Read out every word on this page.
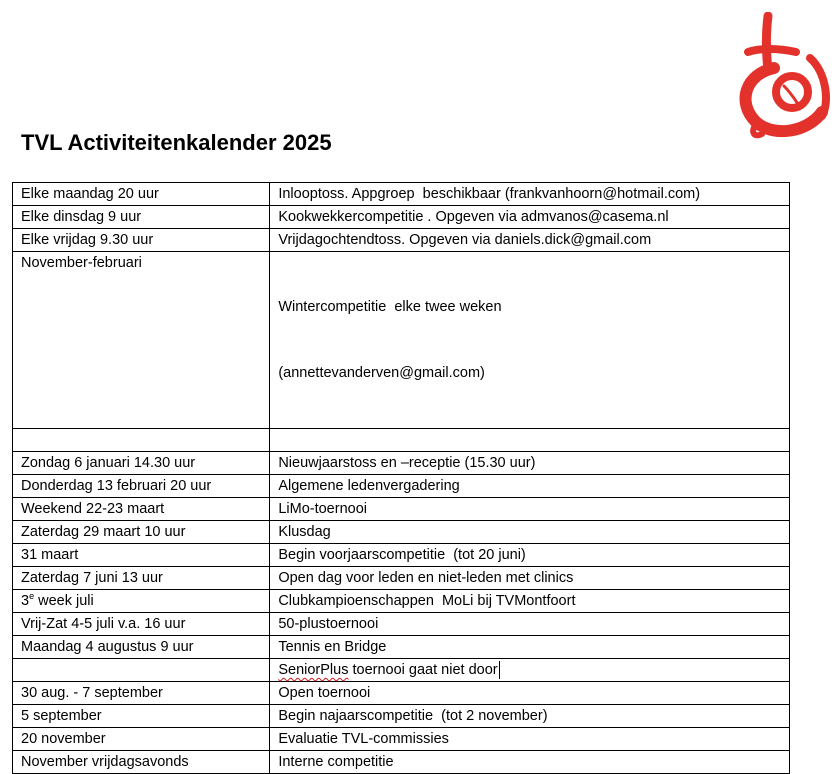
TVL Activiteitenkalender 2025
Elke maandag 20 uur	Inlooptoss. Appgroep  beschikbaar (frankvanhoorn@hotmail.com)
Elke dinsdag 9 uur	Kookwekkercompetitie . Opgeven via admvanos@casema.nl
Elke vrijdag 9.30 uur	Vrijdagochtendtoss. Opgeven via daniels.dick@gmail.com
November-februari	Wintercompetitie  elke twee weken

(annettevanderven@gmail.com)

Zondag 6 januari 14.30 uur	Nieuwjaarstoss en –receptie (15.30 uur)
Donderdag 13 februari 20 uur	Algemene ledenvergadering
Weekend 22-23 maart	LiMo-toernooi
Zaterdag 29 maart 10 uur	Klusdag
31 maart	Begin voorjaarscompetitie  (tot 20 juni)
Zaterdag 7 juni 13 uur	Open dag voor leden en niet-leden met clinics
3e week juli	Clubkampioenschappen  MoLi bij TVMontfoort
Vrij-Zat 4-5 juli v.a. 16 uur	50-plustoernooi
Maandag 4 augustus 9 uur	Tennis en Bridge
	SeniorPlus toernooi gaat niet door
30 aug. - 7 september	Open toernooi
5 september	Begin najaarscompetitie  (tot 2 november)
20 november	Evaluatie TVL-commissies
November vrijdagsavonds	Interne competitie
